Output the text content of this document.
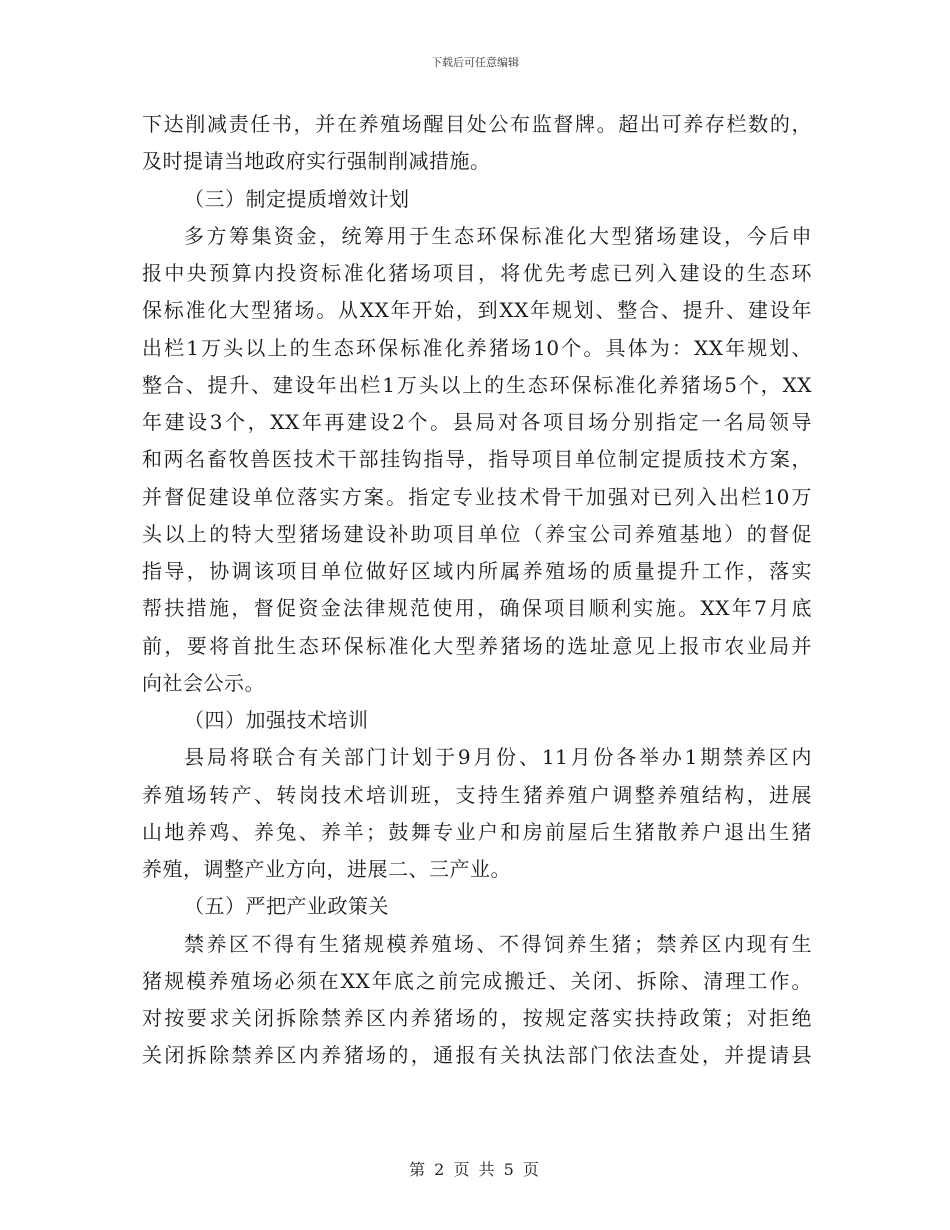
下载后可任意编辑
下达削减责任书，并在养殖场醒目处公布监督牌。超出可养存栏数的，
及时提请当地政府实行强制削减措施。
（三）制定提质增效计划
多方筹集资金，统筹用于生态环保标准化大型猪场建设，今后申
报中央预算内投资标准化猪场项目，将优先考虑已列入建设的生态环
保标准化大型猪场。从XX年开始，到XX年规划、整合、提升、建设年
出栏1万头以上的生态环保标准化养猪场10个。具体为：XX年规划、
整合、提升、建设年出栏1万头以上的生态环保标准化养猪场5个，XX
年建设3个，XX年再建设2个。县局对各项目场分别指定一名局领导
和两名畜牧兽医技术干部挂钩指导，指导项目单位制定提质技术方案，
并督促建设单位落实方案。指定专业技术骨干加强对已列入出栏10万
头以上的特大型猪场建设补助项目单位（养宝公司养殖基地）的督促
指导，协调该项目单位做好区域内所属养殖场的质量提升工作，落实
帮扶措施，督促资金法律规范使用，确保项目顺利实施。XX年7月底
前，要将首批生态环保标准化大型养猪场的选址意见上报市农业局并
向社会公示。
（四）加强技术培训
县局将联合有关部门计划于9月份、11月份各举办1期禁养区内
养殖场转产、转岗技术培训班，支持生猪养殖户调整养殖结构，进展
山地养鸡、养兔、养羊；鼓舞专业户和房前屋后生猪散养户退出生猪
养殖，调整产业方向，进展二、三产业。
（五）严把产业政策关
禁养区不得有生猪规模养殖场、不得饲养生猪；禁养区内现有生
猪规模养殖场必须在XX年底之前完成搬迁、关闭、拆除、清理工作。
对按要求关闭拆除禁养区内养猪场的，按规定落实扶持政策；对拒绝
关闭拆除禁养区内养猪场的，通报有关执法部门依法查处，并提请县
第 2 页 共 5 页
